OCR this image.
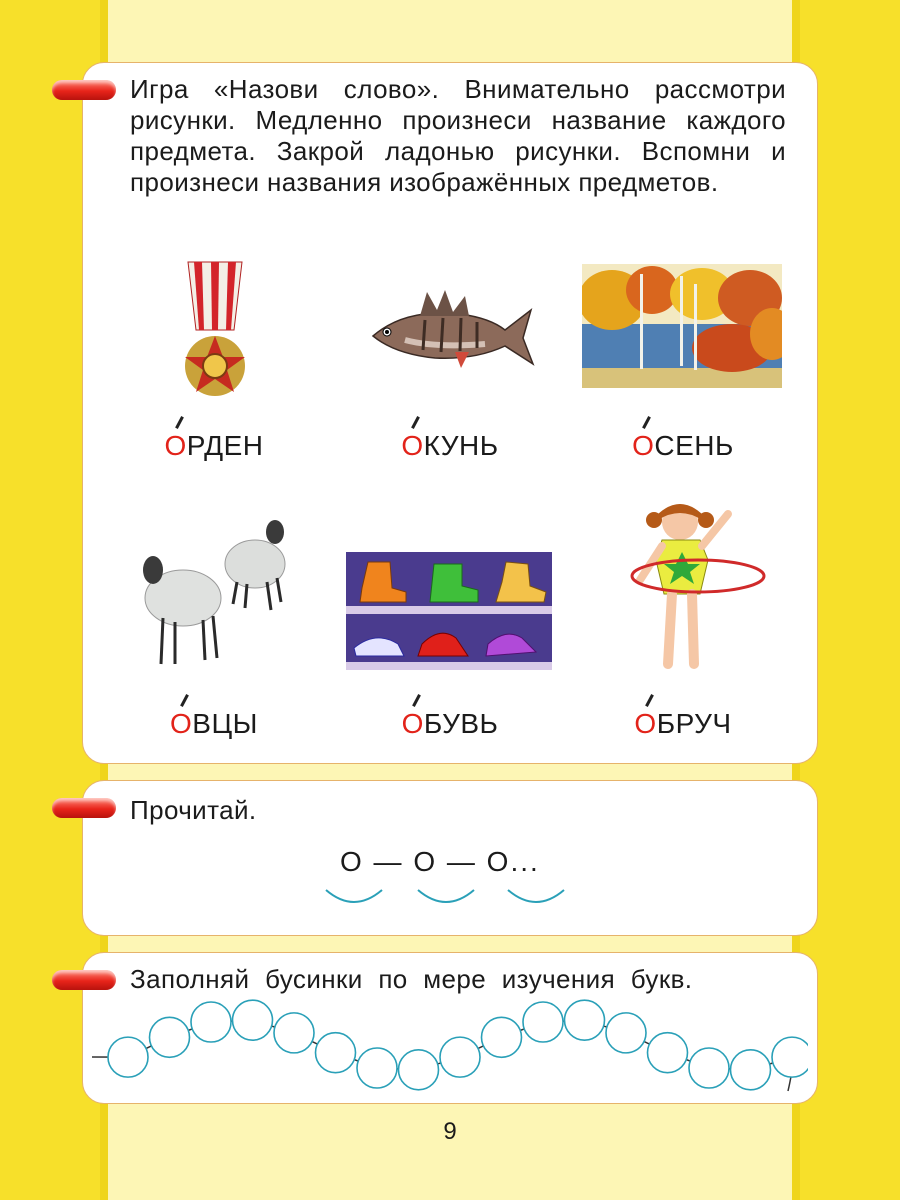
Игра «Назови слово». Внимательно рассмотри рисунки. Медленно произнеси название каждого предмета. Закрой ладонью рисунки. Вспомни и произнеси названия изображённых предметов.

Прочитай.

Заполняй бусинки по мере изучения букв.

ОРДЕН	ОКУНЬ	ОСЕНЬ
ОВЦЫ	ОБУВЬ	ОБРУЧ
О — О — О...
9
